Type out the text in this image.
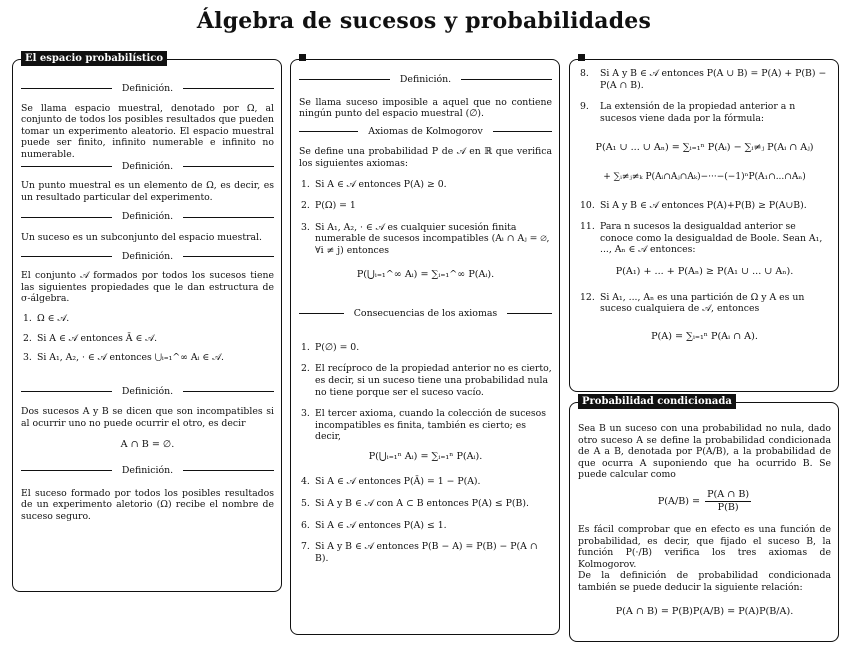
Álgebra de sucesos y probabilidades
El espacio probabilístico
Definición.

Se llama espacio muestral, denotado por Ω, al conjunto de todos los posibles resultados que pueden tomar un experimento aleatorio. El espacio muestral puede ser finito, infinito numerable e infinito no numerable.

Definición.

Un punto muestral es un elemento de Ω, es decir, es un resultado particular del experimento.

Definición.

Un suceso es un subconjunto del espacio muestral.

Definición.

El conjunto 𝒜 formados por todos los sucesos tiene las siguientes propiedades que le dan estructura de σ-álgebra.

1. Ω ∈ 𝒜.
2. Si A ∈ 𝒜 entonces Ā ∈ 𝒜.
3. Si A₁, A₂, · ∈ 𝒜 entonces ⋃ᵢ₌₁^∞ Aᵢ ∈ 𝒜.
Definición.

Dos sucesos A y B se dicen que son incompatibles si al ocurrir uno no puede ocurrir el otro, es decir

A ∩ B = ∅.
Definición.

El suceso formado por todos los posibles resultados de un experimento aletorio (Ω) recibe el nombre de suceso seguro.

Definición.

Se llama suceso imposible a aquel que no contiene ningún punto del espacio muestral (∅).

Axiomas de Kolmogorov

Se define una probabilidad P de 𝒜 en ℝ que verifica los siguientes axiomas:

1. Si A ∈ 𝒜 entonces P(A) ≥ 0.
2. P(Ω) = 1
3. Si A₁, A₂, · ∈ 𝒜 es cualquier sucesión finita numerable de sucesos incompatibles (Aᵢ ∩ Aⱼ = ∅, ∀i ≠ j) entonces
P(⋃ᵢ₌₁^∞ Aᵢ) = ∑ᵢ₌₁^∞ P(Aᵢ).
Consecuencias de los axiomas
1. P(∅) = 0.
2. El recíproco de la propiedad anterior no es cierto, es decir, si un suceso tiene una probabilidad nula no tiene porque ser el suceso vacío.
3. El tercer axioma, cuando la colección de sucesos incompatibles es finita, también es cierto; es decir,
P(⋃ᵢ₌₁ⁿ Aᵢ) = ∑ᵢ₌₁ⁿ P(Aᵢ).
4. Si A ∈ 𝒜 entonces P(Ā) = 1 − P(A).
5. Si A y B ∈ 𝒜 con A ⊂ B entonces P(A) ≤ P(B).
6. Si A ∈ 𝒜 entonces P(A) ≤ 1.
7. Si A y B ∈ 𝒜 entonces P(B − A) = P(B) − P(A ∩ B).
8. Si A y B ∈ 𝒜 entonces P(A ∪ B) = P(A) + P(B) − P(A ∩ B).
9. La extensión de la propiedad anterior a n sucesos viene dada por la fórmula:
P(A₁ ∪ ... ∪ Aₙ) = ∑ᵢ₌₁ⁿ P(Aᵢ) − ∑ᵢ≠ⱼ P(Aᵢ ∩ Aⱼ)
+ ∑ᵢ≠ⱼ≠ₖ P(Aᵢ∩Aⱼ∩Aₖ)−···−(−1)ⁿP(A₁∩...∩Aₙ)
10. Si A y B ∈ 𝒜 entonces P(A)+P(B) ≥ P(A∪B).
11. Para n sucesos la desigualdad anterior se conoce como la desigualdad de Boole. Sean A₁, ..., Aₙ ∈ 𝒜 entonces:
P(A₁) + ... + P(Aₙ) ≥ P(A₁ ∪ ... ∪ Aₙ).
12. Si A₁, ..., Aₙ es una partición de Ω y A es un suceso cualquiera de 𝒜, entonces
P(A) = ∑ᵢ₌₁ⁿ P(Aᵢ ∩ A).
Probabilidad condicionada

Sea B un suceso con una probabilidad no nula, dado otro suceso A se define la probabilidad condicionada de A a B, denotada por P(A/B), a la probabilidad de que ocurra A suponiendo que ha ocurrido B. Se puede calcular como

$P(A/B) = \frac{P(A \cap B)}{P(B)}$

Es fácil comprobar que en efecto es una función de probabilidad, es decir, que fijado el suceso B, la función P(·/B) verifica los tres axiomas de Kolmogorov.

De la definición de probabilidad condicionada también se puede deducir la siguiente relación:

P(A ∩ B) = P(B)P(A/B) = P(A)P(B/A).
